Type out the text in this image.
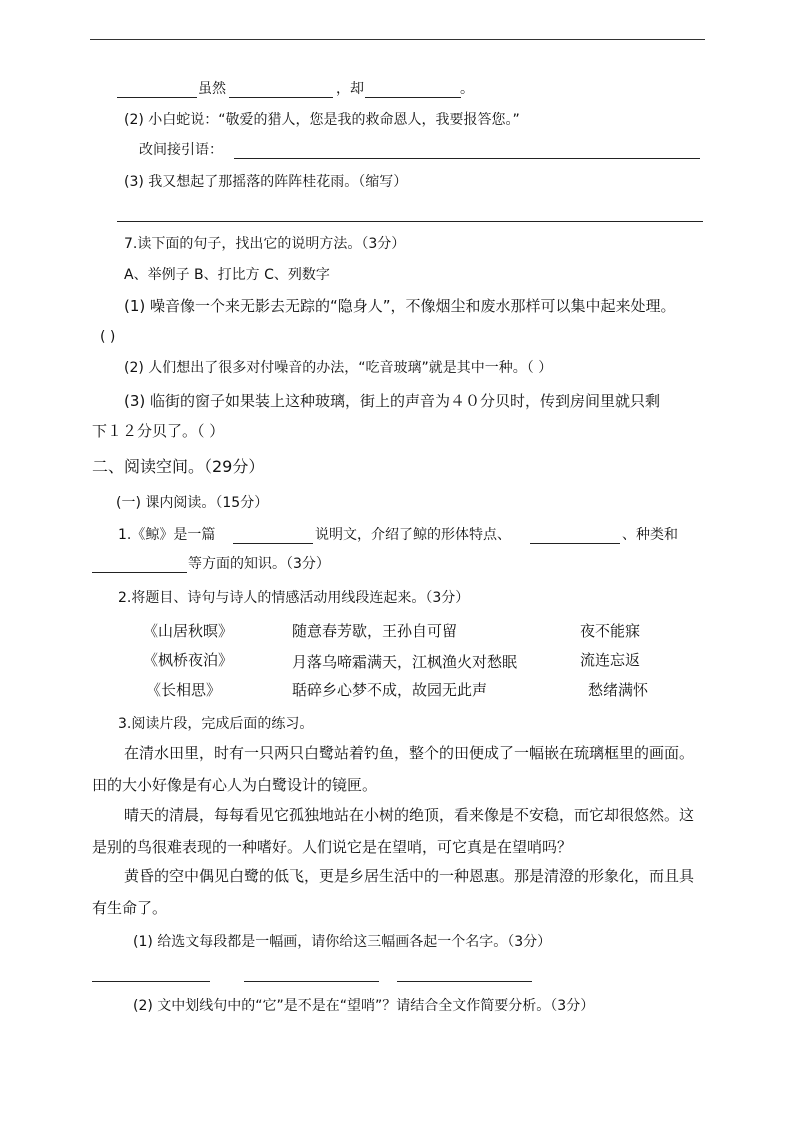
虽然	，却	。
(2) 小白蛇说：“敬爱的猎人，您是我的救命恩人，我要报答您。”
改间接引语：
(3) 我又想起了那摇落的阵阵桂花雨。（缩写）
7.读下面的句子，找出它的说明方法。（3分）
A、举例子 B、打比方 C、列数字
(1) 噪音像一个来无影去无踪的“隐身人”，不像烟尘和废水那样可以集中起来处理。
( )
(2) 人们想出了很多对付噪音的办法，“吃音玻璃”就是其中一种。（ ）
(3) 临街的窗子如果装上这种玻璃，街上的声音为４０分贝时，传到房间里就只剩
下１２分贝了。（ ）
二、阅读空间。（29分）
(一) 课内阅读。（15分）
1.《鲸》是一篇	说明文，介绍了鲸的形体特点、	、种类和
等方面的知识。（3分）
2.将题目、诗句与诗人的情感活动用线段连起来。（3分）
《山居秋暝》	随意春芳歇，王孙自可留	夜不能寐
《枫桥夜泊》	月落乌啼霜满天，江枫渔火对愁眠	流连忘返
《长相思》	聒碎乡心梦不成，故园无此声	愁绪满怀
3.阅读片段，完成后面的练习。
在清水田里，时有一只两只白鹭站着钓鱼，整个的田便成了一幅嵌在琉璃框里的画面。田的大小好像是有心人为白鹭设计的镜匣。
晴天的清晨，每每看见它孤独地站在小树的绝顶，看来像是不安稳，而它却很悠然。这是别的鸟很难表现的一种嗜好。人们说它是在望哨，可它真是在望哨吗？
黄昏的空中偶见白鹭的低飞，更是乡居生活中的一种恩惠。那是清澄的形象化，而且具有生命了。
(1) 给选文每段都是一幅画，请你给这三幅画各起一个名字。（3分）
(2) 文中划线句中的“它”是不是在“望哨”？请结合全文作简要分析。（3分）
